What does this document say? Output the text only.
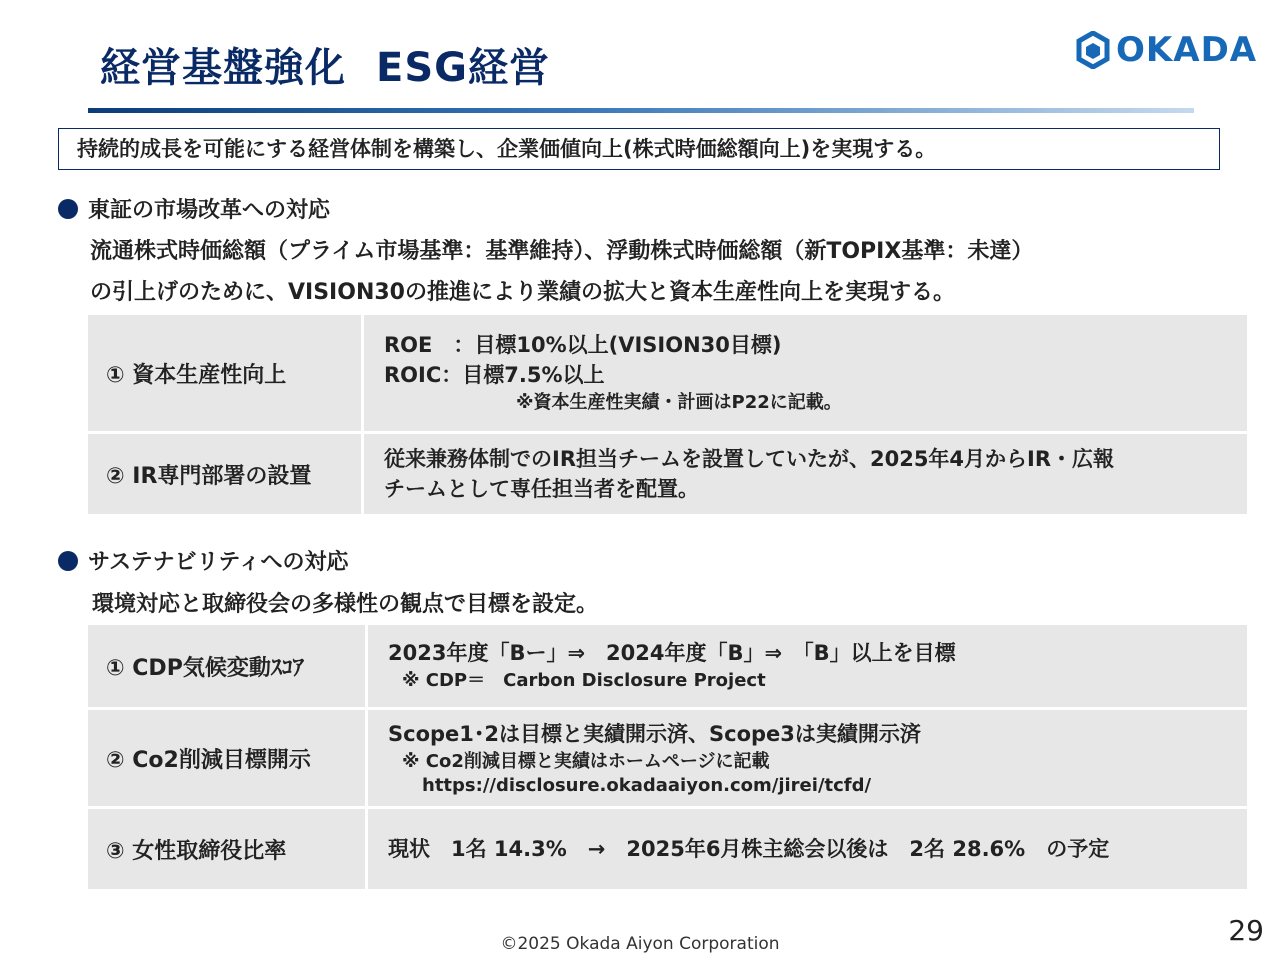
経営基盤強化 ESG経営	OKADA
持続的成長を可能にする経営体制を構築し、企業価値向上(株式時価総額向上)を実現する。
東証の市場改革への対応
流通株式時価総額（プライム市場基準：基準維持）、浮動株式時価総額（新TOPIX基準：未達）
の引上げのために、VISION30の推進により業績の拡大と資本生産性向上を実現する。
① 資本生産性向上	ROE　：目標10%以上(VISION30目標)
ROIC：目標7.5%以上
※資本生産性実績・計画はP22に記載。

② IR専門部署の設置	従来兼務体制でのIR担当チームを設置していたが、2025年4月からIR・広報
チームとして専任担当者を配置。
サステナビリティへの対応
環境対応と取締役会の多様性の観点で目標を設定。
① CDP気候変動ｽｺｱ	2023年度「Bー」⇒　2024年度「B」⇒　「B」以上を目標
※ CDP＝　Carbon Disclosure Project

② Co2削減目標開示	Scope1･2は目標と実績開示済、Scope3は実績開示済
※ Co2削減目標と実績はホームページに記載
https://disclosure.okadaaiyon.com/jirei/tcfd/

③ 女性取締役比率	現状　1名 14.3%　→　2025年6月株主総会以後は　2名 28.6%　の予定
©2025 Okada Aiyon Corporation	29
